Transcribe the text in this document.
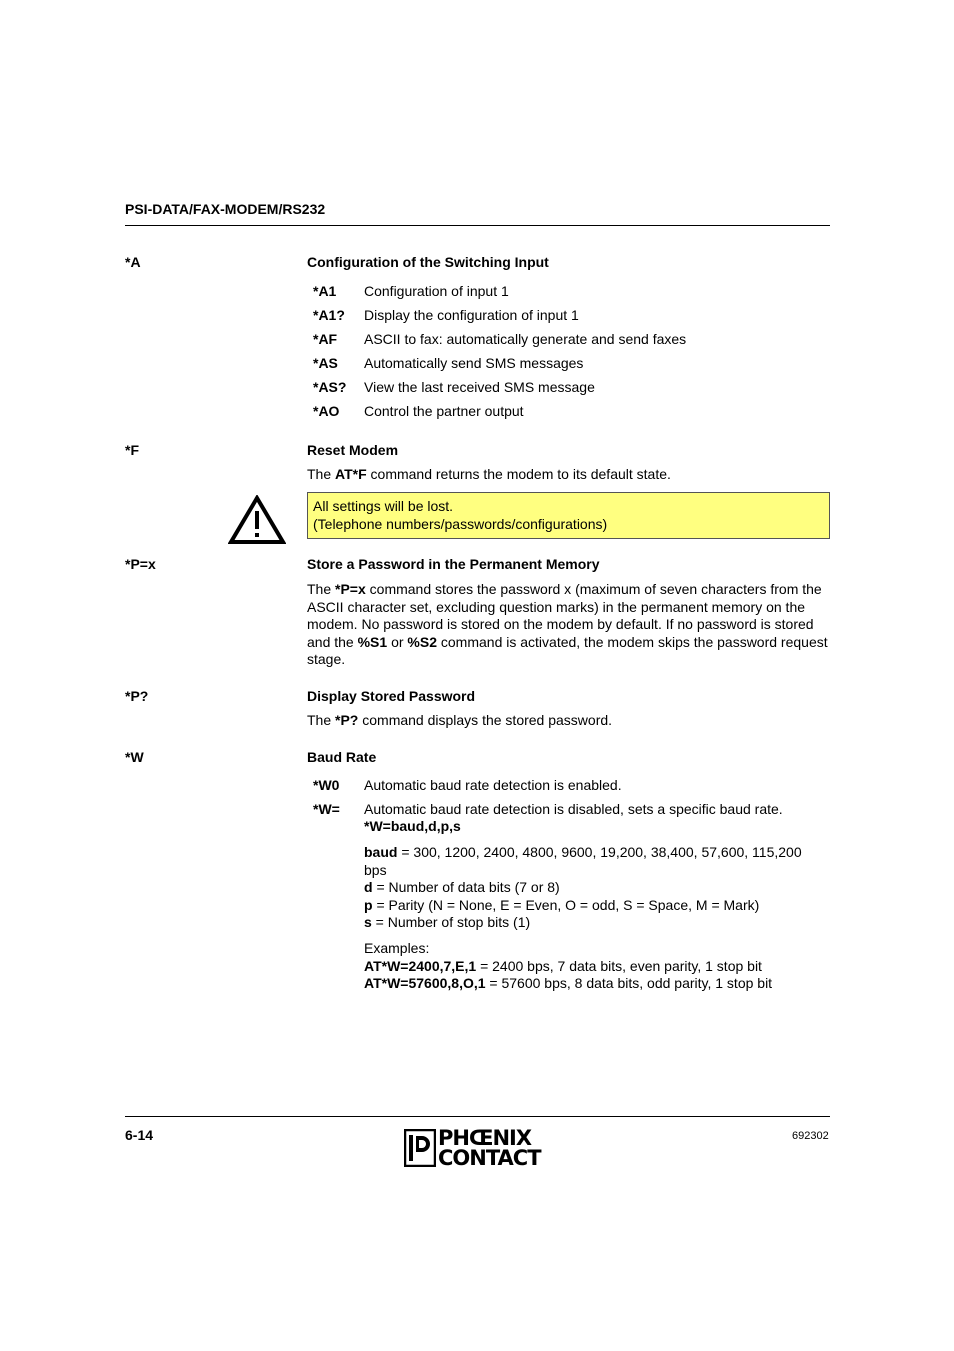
PSI-DATA/FAX-MODEM/RS232
*A	Configuration of the Switching Input
*A1 Configuration of input 1
*A1? Display the configuration of input 1
*AF ASCII to fax: automatically generate and send faxes
*AS Automatically send SMS messages
*AS? View the last received SMS message
*AO Control the partner output
*F	Reset Modem
The AT*F command returns the modem to its default state.
All settings will be lost.
(Telephone numbers/passwords/configurations)
*P=x	Store a Password in the Permanent Memory
The *P=x command stores the password x (maximum of seven characters from the ASCII character set, excluding question marks) in the permanent memory on the modem. No password is stored on the modem by default. If no password is stored and the %S1 or %S2 command is activated, the modem skips the password request stage.
*P?	Display Stored Password
The *P? command displays the stored password.
*W	Baud Rate
*W0 Automatic baud rate detection is enabled.
*W= Automatic baud rate detection is disabled, sets a specific baud rate.
*W=baud,d,p,s
baud = 300, 1200, 2400, 4800, 9600, 19,200, 38,400, 57,600, 115,200 bps
d = Number of data bits (7 or 8)
p = Parity (N = None, E = Even, O = odd, S = Space, M = Mark)
s = Number of stop bits (1)
Examples:
AT*W=2400,7,E,1 = 2400 bps, 7 data bits, even parity, 1 stop bit
AT*W=57600,8,O,1 = 57600 bps, 8 data bits, odd parity, 1 stop bit
6-14	PHŒNIX
CONTACT
692302
